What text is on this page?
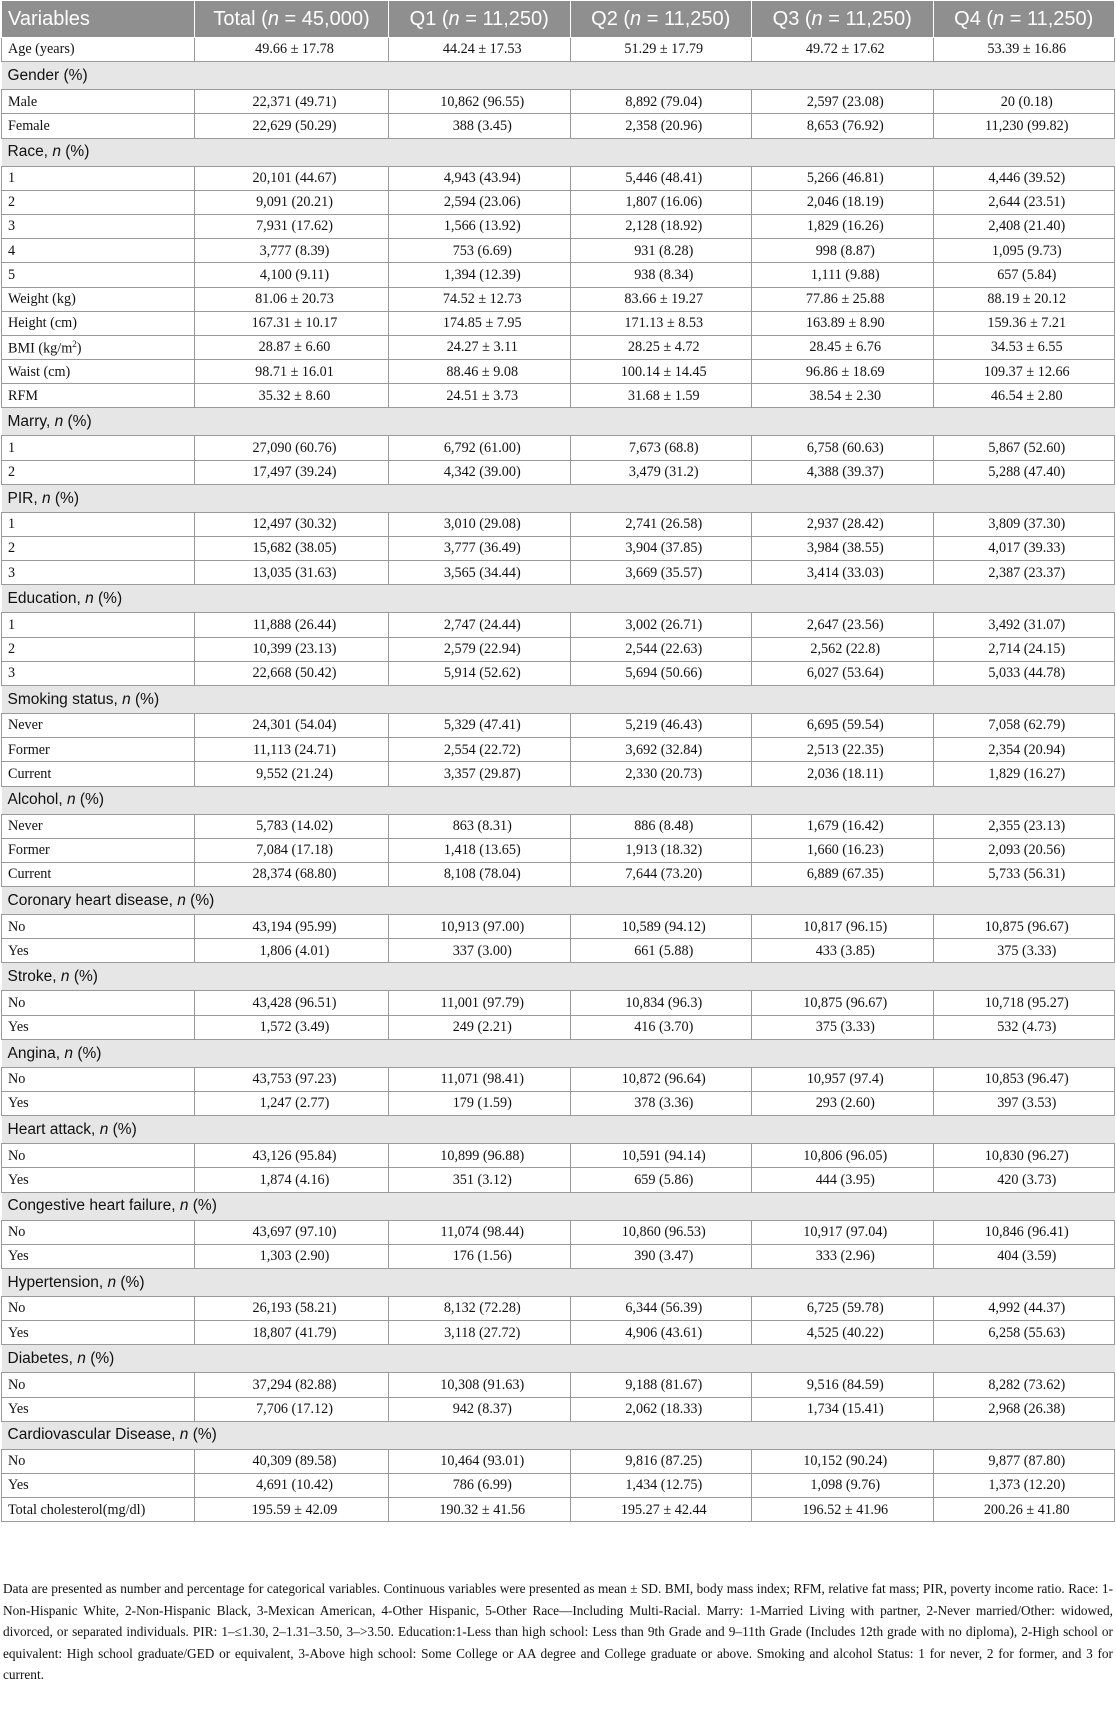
Variables	Total (n = 45,000)	Q1 (n = 11,250)	Q2 (n = 11,250)	Q3 (n = 11,250)	Q4 (n = 11,250)
Age (years)	49.66 ± 17.78	44.24 ± 17.53	51.29 ± 17.79	49.72 ± 17.62	53.39 ± 16.86
Gender (%)					
Male	22,371 (49.71)	10,862 (96.55)	8,892 (79.04)	2,597 (23.08)	20 (0.18)
Female	22,629 (50.29)	388 (3.45)	2,358 (20.96)	8,653 (76.92)	11,230 (99.82)
Race, n (%)					
1	20,101 (44.67)	4,943 (43.94)	5,446 (48.41)	5,266 (46.81)	4,446 (39.52)
2	9,091 (20.21)	2,594 (23.06)	1,807 (16.06)	2,046 (18.19)	2,644 (23.51)
3	7,931 (17.62)	1,566 (13.92)	2,128 (18.92)	1,829 (16.26)	2,408 (21.40)
4	3,777 (8.39)	753 (6.69)	931 (8.28)	998 (8.87)	1,095 (9.73)
5	4,100 (9.11)	1,394 (12.39)	938 (8.34)	1,111 (9.88)	657 (5.84)
Weight (kg)	81.06 ± 20.73	74.52 ± 12.73	83.66 ± 19.27	77.86 ± 25.88	88.19 ± 20.12
Height (cm)	167.31 ± 10.17	174.85 ± 7.95	171.13 ± 8.53	163.89 ± 8.90	159.36 ± 7.21
BMI $(kg/m^2)$	28.87 ± 6.60	24.27 ± 3.11	28.25 ± 4.72	28.45 ± 6.76	34.53 ± 6.55
Waist (cm)	98.71 ± 16.01	88.46 ± 9.08	100.14 ± 14.45	96.86 ± 18.69	109.37 ± 12.66
RFM	35.32 ± 8.60	24.51 ± 3.73	31.68 ± 1.59	38.54 ± 2.30	46.54 ± 2.80
Marry, n (%)					
1	27,090 (60.76)	6,792 (61.00)	7,673 (68.8)	6,758 (60.63)	5,867 (52.60)
2	17,497 (39.24)	4,342 (39.00)	3,479 (31.2)	4,388 (39.37)	5,288 (47.40)
PIR, n (%)					
1	12,497 (30.32)	3,010 (29.08)	2,741 (26.58)	2,937 (28.42)	3,809 (37.30)
2	15,682 (38.05)	3,777 (36.49)	3,904 (37.85)	3,984 (38.55)	4,017 (39.33)
3	13,035 (31.63)	3,565 (34.44)	3,669 (35.57)	3,414 (33.03)	2,387 (23.37)
Education, n (%)					
1	11,888 (26.44)	2,747 (24.44)	3,002 (26.71)	2,647 (23.56)	3,492 (31.07)
2	10,399 (23.13)	2,579 (22.94)	2,544 (22.63)	2,562 (22.8)	2,714 (24.15)
3	22,668 (50.42)	5,914 (52.62)	5,694 (50.66)	6,027 (53.64)	5,033 (44.78)
Smoking status, n (%)					
Never	24,301 (54.04)	5,329 (47.41)	5,219 (46.43)	6,695 (59.54)	7,058 (62.79)
Former	11,113 (24.71)	2,554 (22.72)	3,692 (32.84)	2,513 (22.35)	2,354 (20.94)
Current	9,552 (21.24)	3,357 (29.87)	2,330 (20.73)	2,036 (18.11)	1,829 (16.27)
Alcohol, n (%)					
Never	5,783 (14.02)	863 (8.31)	886 (8.48)	1,679 (16.42)	2,355 (23.13)
Former	7,084 (17.18)	1,418 (13.65)	1,913 (18.32)	1,660 (16.23)	2,093 (20.56)
Current	28,374 (68.80)	8,108 (78.04)	7,644 (73.20)	6,889 (67.35)	5,733 (56.31)
Coronary heart disease, n (%)					
No	43,194 (95.99)	10,913 (97.00)	10,589 (94.12)	10,817 (96.15)	10,875 (96.67)
Yes	1,806 (4.01)	337 (3.00)	661 (5.88)	433 (3.85)	375 (3.33)
Stroke, n (%)					
No	43,428 (96.51)	11,001 (97.79)	10,834 (96.3)	10,875 (96.67)	10,718 (95.27)
Yes	1,572 (3.49)	249 (2.21)	416 (3.70)	375 (3.33)	532 (4.73)
Angina, n (%)					
No	43,753 (97.23)	11,071 (98.41)	10,872 (96.64)	10,957 (97.4)	10,853 (96.47)
Yes	1,247 (2.77)	179 (1.59)	378 (3.36)	293 (2.60)	397 (3.53)
Heart attack, n (%)					
No	43,126 (95.84)	10,899 (96.88)	10,591 (94.14)	10,806 (96.05)	10,830 (96.27)
Yes	1,874 (4.16)	351 (3.12)	659 (5.86)	444 (3.95)	420 (3.73)
Congestive heart failure, n (%)					
No	43,697 (97.10)	11,074 (98.44)	10,860 (96.53)	10,917 (97.04)	10,846 (96.41)
Yes	1,303 (2.90)	176 (1.56)	390 (3.47)	333 (2.96)	404 (3.59)
Hypertension, n (%)					
No	26,193 (58.21)	8,132 (72.28)	6,344 (56.39)	6,725 (59.78)	4,992 (44.37)
Yes	18,807 (41.79)	3,118 (27.72)	4,906 (43.61)	4,525 (40.22)	6,258 (55.63)
Diabetes, n (%)					
No	37,294 (82.88)	10,308 (91.63)	9,188 (81.67)	9,516 (84.59)	8,282 (73.62)
Yes	7,706 (17.12)	942 (8.37)	2,062 (18.33)	1,734 (15.41)	2,968 (26.38)
Cardiovascular Disease, n (%)					
No	40,309 (89.58)	10,464 (93.01)	9,816 (87.25)	10,152 (90.24)	9,877 (87.80)
Yes	4,691 (10.42)	786 (6.99)	1,434 (12.75)	1,098 (9.76)	1,373 (12.20)
Total cholesterol(mg/dl)	195.59 ± 42.09	190.32 ± 41.56	195.27 ± 42.44	196.52 ± 41.96	200.26 ± 41.80

Data are presented as number and percentage for categorical variables. Continuous variables were presented as mean ± SD. BMI, body mass index; RFM, relative fat mass; PIR, poverty income ratio. Race: 1-Non-Hispanic White, 2-Non-Hispanic Black, 3-Mexican American, 4-Other Hispanic, 5-Other Race—Including Multi-Racial. Marry: 1-Married Living with partner, 2-Never married/Other: widowed, divorced, or separated individuals. PIR: 1–≤1.30, 2–1.31–3.50, 3–>3.50. Education:1-Less than high school: Less than 9th Grade and 9–11th Grade (Includes 12th grade with no diploma), 2-High school or equivalent: High school graduate/GED or equivalent, 3-Above high school: Some College or AA degree and College graduate or above. Smoking and alcohol Status: 1 for never, 2 for former, and 3 for current.
